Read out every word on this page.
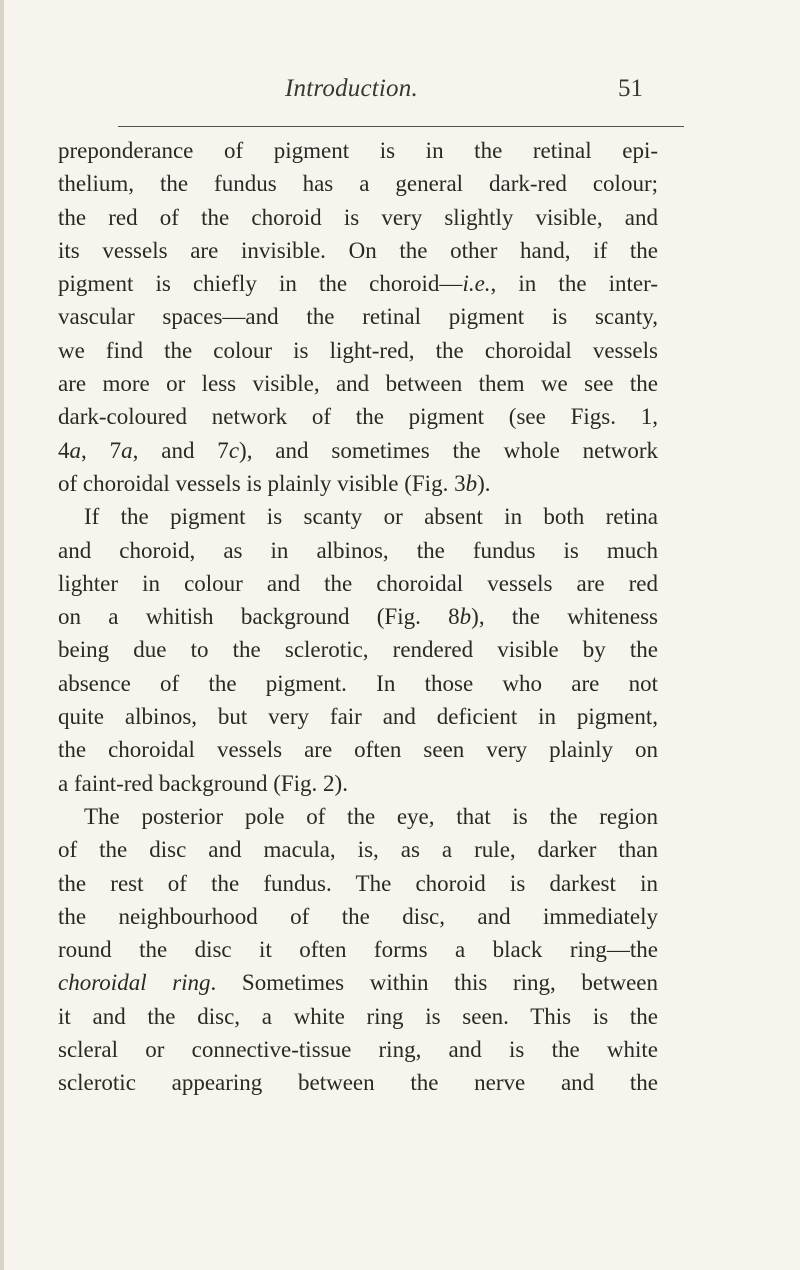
Introduction.	51
preponderance of pigment is in the retinal epi-
thelium, the fundus has a general dark-red colour;
the red of the choroid is very slightly visible, and
its vessels are invisible. On the other hand, if the
pigment is chiefly in the choroid—i.e., in the inter-
vascular spaces—and the retinal pigment is scanty,
we find the colour is light-red, the choroidal vessels
are more or less visible, and between them we see the
dark-coloured network of the pigment (see Figs. 1,
4a, 7a, and 7c), and sometimes the whole network
of choroidal vessels is plainly visible (Fig. 3b).
If the pigment is scanty or absent in both retina
and choroid, as in albinos, the fundus is much
lighter in colour and the choroidal vessels are red
on a whitish background (Fig. 8b), the whiteness
being due to the sclerotic, rendered visible by the
absence of the pigment. In those who are not
quite albinos, but very fair and deficient in pigment,
the choroidal vessels are often seen very plainly on
a faint-red background (Fig. 2).
The posterior pole of the eye, that is the region
of the disc and macula, is, as a rule, darker than
the rest of the fundus. The choroid is darkest in
the neighbourhood of the disc, and immediately
round the disc it often forms a black ring—the
choroidal ring. Sometimes within this ring, between
it and the disc, a white ring is seen. This is the
scleral or connective-tissue ring, and is the white
sclerotic appearing between the nerve and the
